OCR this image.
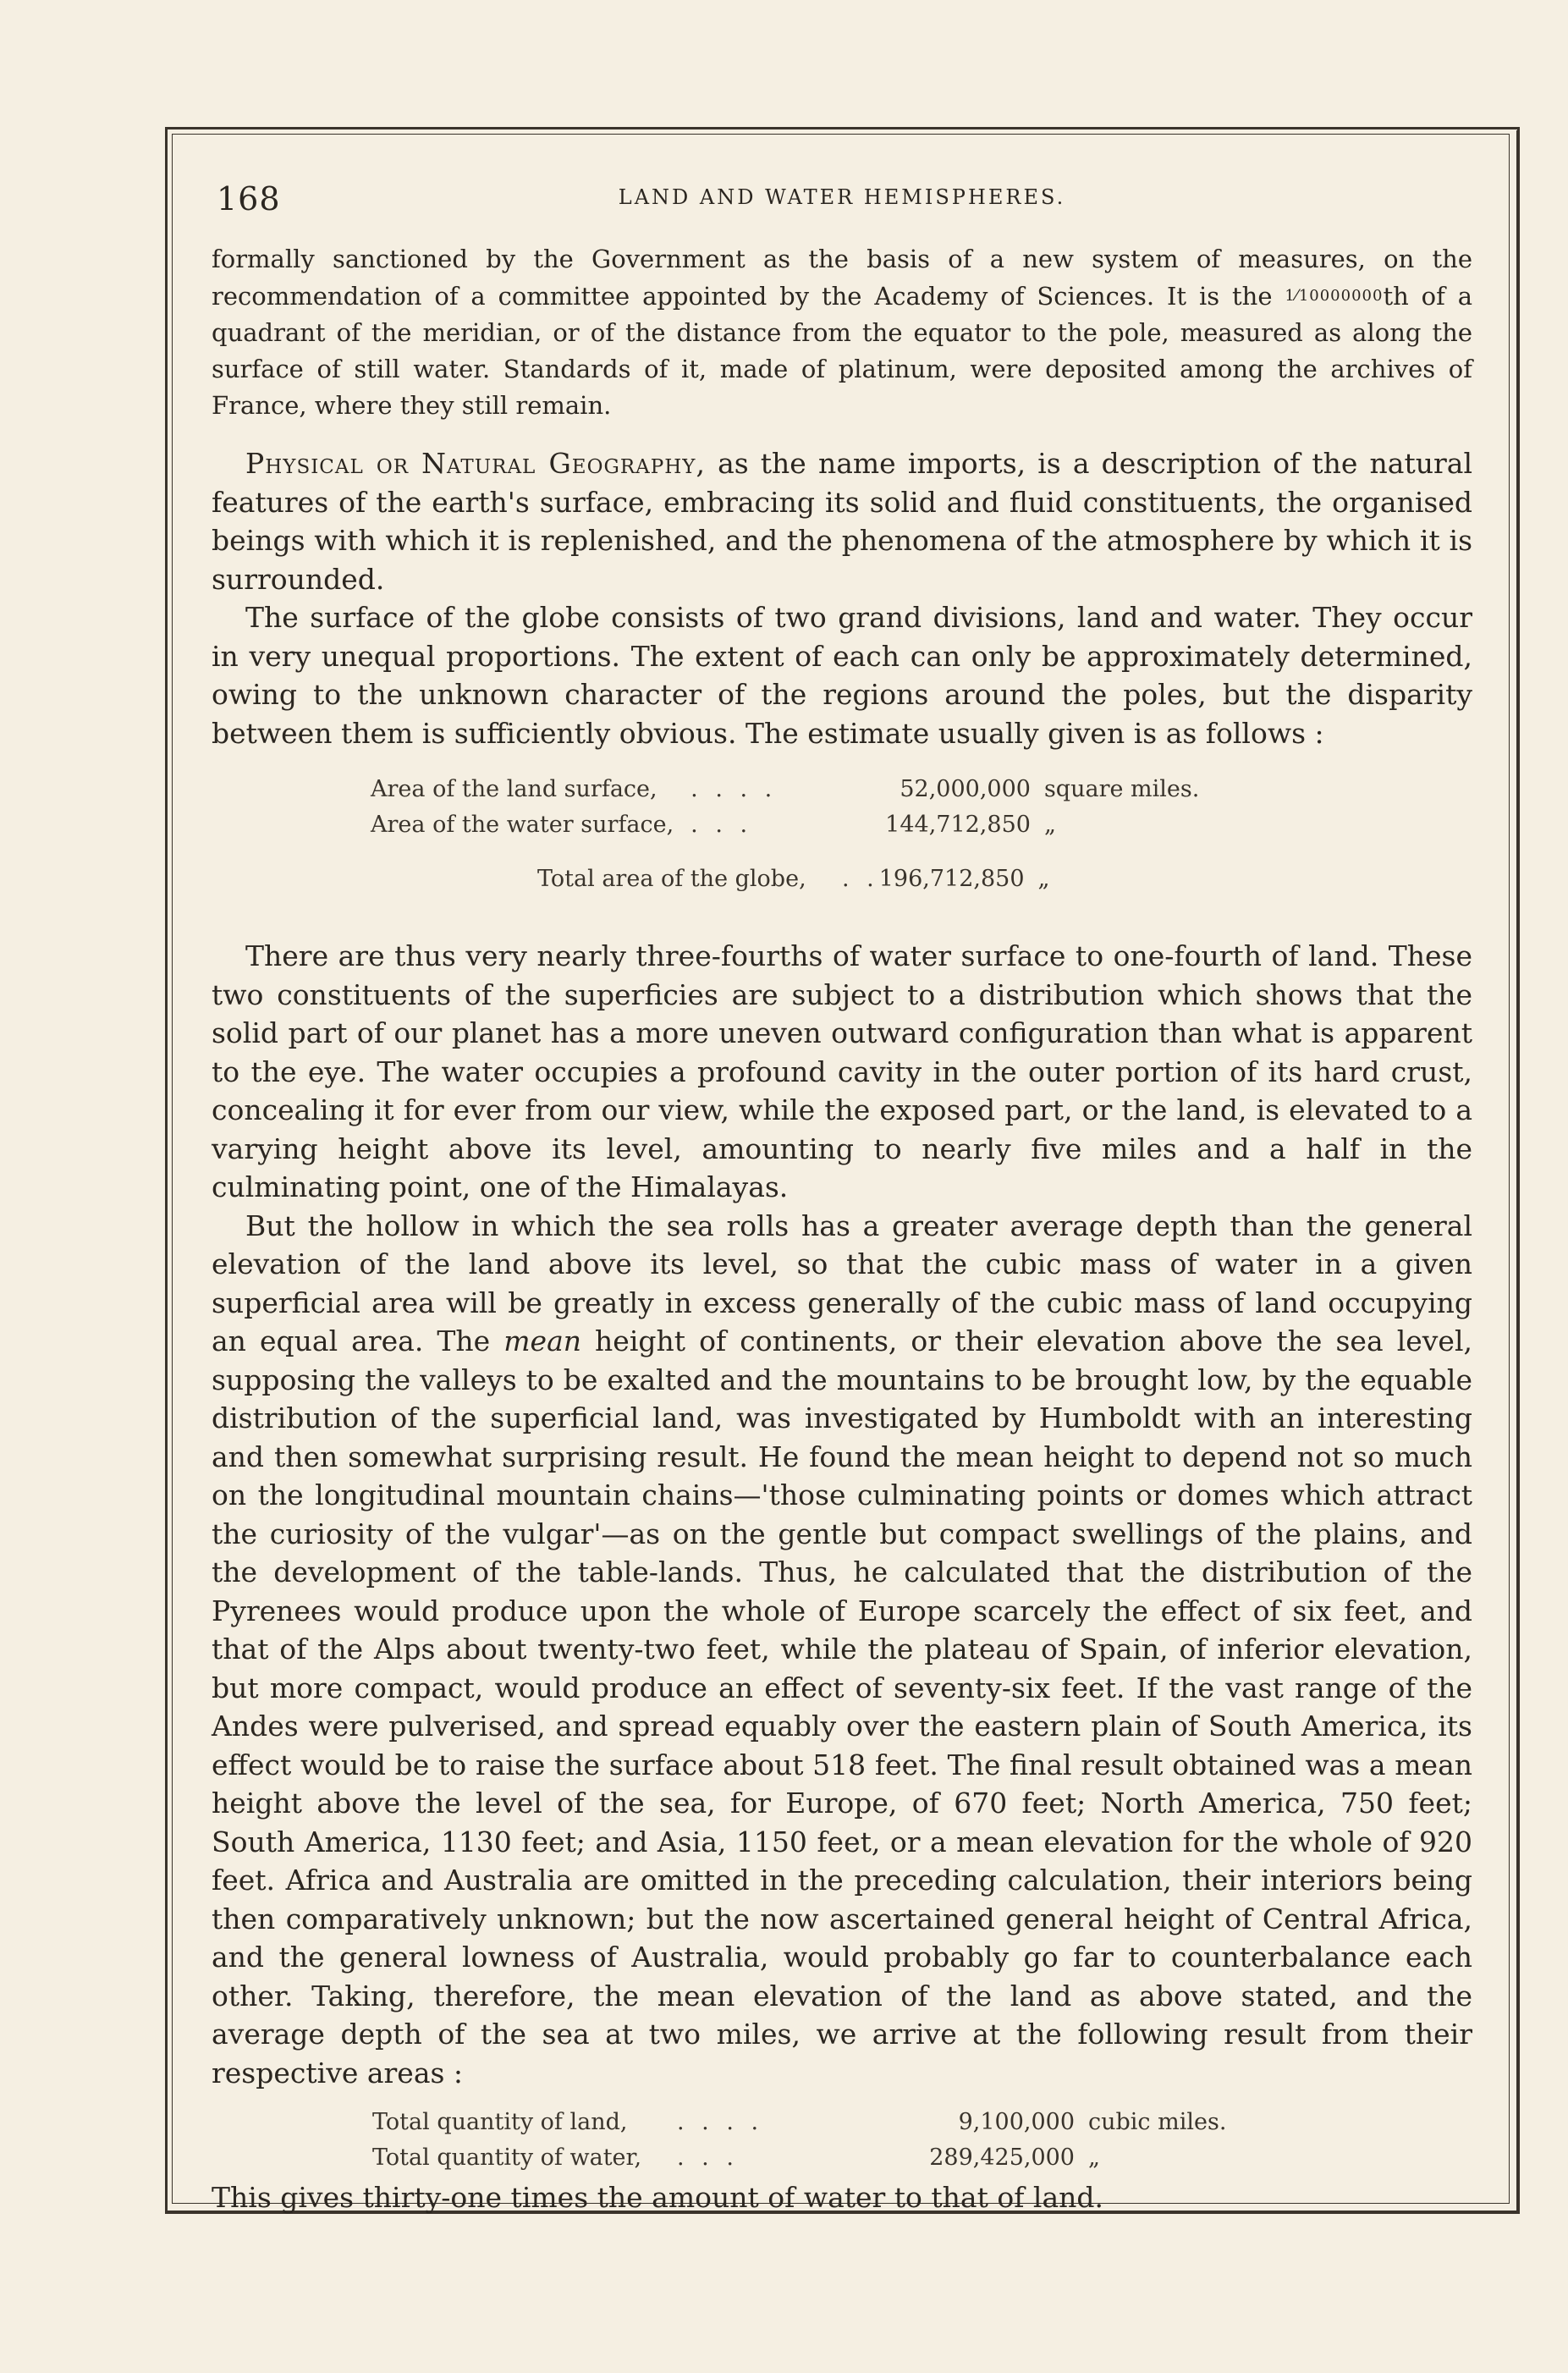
168	LAND AND WATER HEMISPHERES.

formally sanctioned by the Government as the basis of a new system of measures, on the recommendation of a committee appointed by the Academy of Sciences. It is the 1⁄10000000th of a quadrant of the meridian, or of the distance from the equator to the pole, measured as along the surface of still water. Standards of it, made of platinum, were deposited among the archives of France, where they still remain.

Physical or Natural Geography, as the name imports, is a description of the natural features of the earth's surface, embracing its solid and fluid constituents, the organised beings with which it is replenished, and the phenomena of the atmosphere by which it is surrounded.

The surface of the globe consists of two grand divisions, land and water. They occur in very unequal proportions. The extent of each can only be approximately determined, owing to the unknown character of the regions around the poles, but the disparity between them is sufficiently obvious. The estimate usually given is as follows :

Area of the land surface,	. . . .	52,000,000	square miles.
Area of the water surface,	. . .	144,712,850	„
Total area of the globe,	. .	196,712,850	„

There are thus very nearly three-fourths of water surface to one-fourth of land. These two constituents of the superficies are subject to a distribution which shows that the solid part of our planet has a more uneven outward configuration than what is apparent to the eye. The water occupies a profound cavity in the outer portion of its hard crust, concealing it for ever from our view, while the exposed part, or the land, is elevated to a varying height above its level, amounting to nearly five miles and a half in the culminating point, one of the Himalayas.

But the hollow in which the sea rolls has a greater average depth than the general elevation of the land above its level, so that the cubic mass of water in a given superficial area will be greatly in excess generally of the cubic mass of land occupying an equal area. The mean height of continents, or their elevation above the sea level, supposing the valleys to be exalted and the mountains to be brought low, by the equable distribution of the superficial land, was investigated by Humboldt with an interesting and then somewhat surprising result. He found the mean height to depend not so much on the longitudinal mountain chains—'those culminating points or domes which attract the curiosity of the vulgar'—as on the gentle but compact swellings of the plains, and the development of the table-lands. Thus, he calculated that the distribution of the Pyrenees would produce upon the whole of Europe scarcely the effect of six feet, and that of the Alps about twenty-two feet, while the plateau of Spain, of inferior elevation, but more compact, would produce an effect of seventy-six feet. If the vast range of the Andes were pulverised, and spread equably over the eastern plain of South America, its effect would be to raise the surface about 518 feet. The final result obtained was a mean height above the level of the sea, for Europe, of 670 feet; North America, 750 feet; South America, 1130 feet; and Asia, 1150 feet, or a mean elevation for the whole of 920 feet. Africa and Australia are omitted in the preceding calculation, their interiors being then comparatively unknown; but the now ascertained general height of Central Africa, and the general lowness of Australia, would probably go far to counterbalance each other. Taking, therefore, the mean elevation of the land as above stated, and the average depth of the sea at two miles, we arrive at the following result from their respective areas :

Total quantity of land,	. . . .	9,100,000	cubic miles.
Total quantity of water,	. . .	289,425,000	„

This gives thirty-one times the amount of water to that of land.
